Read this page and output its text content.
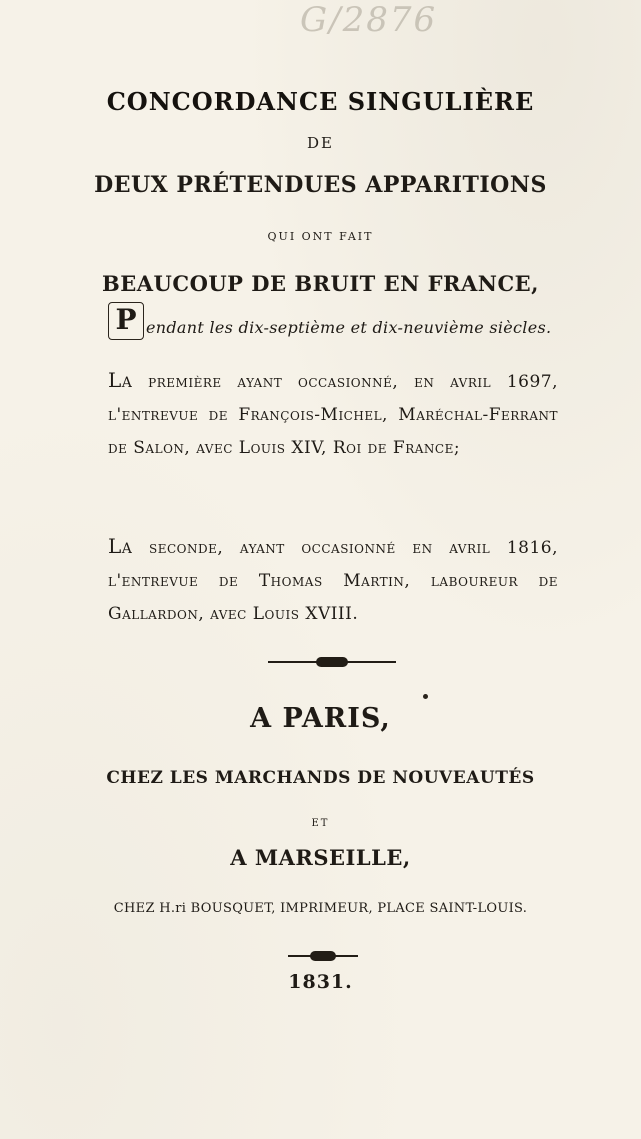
G/2876
CONCORDANCE SINGULIÈRE
DE
DEUX PRÉTENDUES APPARITIONS
QUI ONT FAIT
BEAUCOUP DE BRUIT EN FRANCE,
P endant les dix-septième et dix-neuvième siècles.
La première ayant occasionné, en avril 1697, l'entrevue de François-Michel, Maréchal-Ferrant de Salon, avec Louis XIV, Roi de France;
La seconde, ayant occasionné en avril 1816, l'entrevue de Thomas Martin, laboureur de Gallardon, avec Louis XVIII.
A PARIS,
CHEZ LES MARCHANDS DE NOUVEAUTÉS
ET
A MARSEILLE,
CHEZ H.ri BOUSQUET, IMPRIMEUR, PLACE SAINT-LOUIS.
1831.
